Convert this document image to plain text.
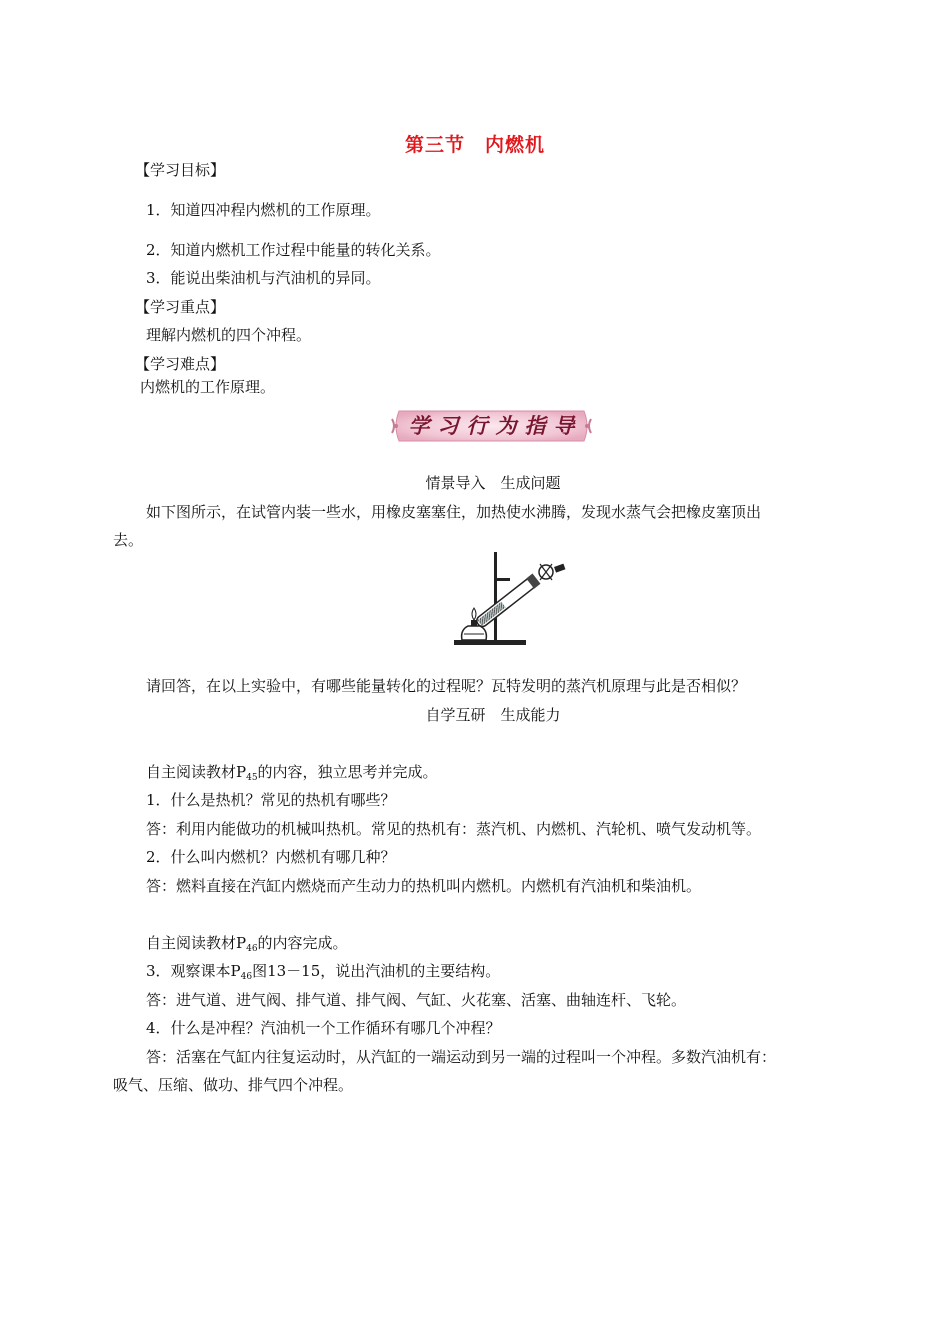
第三节　内燃机
【学习目标】
1．知道四冲程内燃机的工作原理。
2．知道内燃机工作过程中能量的转化关系。
3．能说出柴油机与汽油机的异同。
【学习重点】
理解内燃机的四个冲程。
【学习难点】
内燃机的工作原理。
学习行为指导
情景导入　生成问题
如下图所示，在试管内装一些水，用橡皮塞塞住，加热使水沸腾，发现水蒸气会把橡皮塞顶出
去。
请回答，在以上实验中，有哪些能量转化的过程呢？瓦特发明的蒸汽机原理与此是否相似？
自学互研　生成能力
自主阅读教材$P_{45}$的内容，独立思考并完成。
1．什么是热机？常见的热机有哪些？
答：利用内能做功的机械叫热机。常见的热机有：蒸汽机、内燃机、汽轮机、喷气发动机等。
2．什么叫内燃机？内燃机有哪几种？
答：燃料直接在汽缸内燃烧而产生动力的热机叫内燃机。内燃机有汽油机和柴油机。
自主阅读教材$P_{46}$的内容完成。
3．观察课本$P_{46}$图13－15，说出汽油机的主要结构。
答：进气道、进气阀、排气道、排气阀、气缸、火花塞、活塞、曲轴连杆、飞轮。
4．什么是冲程？汽油机一个工作循环有哪几个冲程？
答：活塞在气缸内往复运动时，从汽缸的一端运动到另一端的过程叫一个冲程。多数汽油机有：
吸气、压缩、做功、排气四个冲程。
